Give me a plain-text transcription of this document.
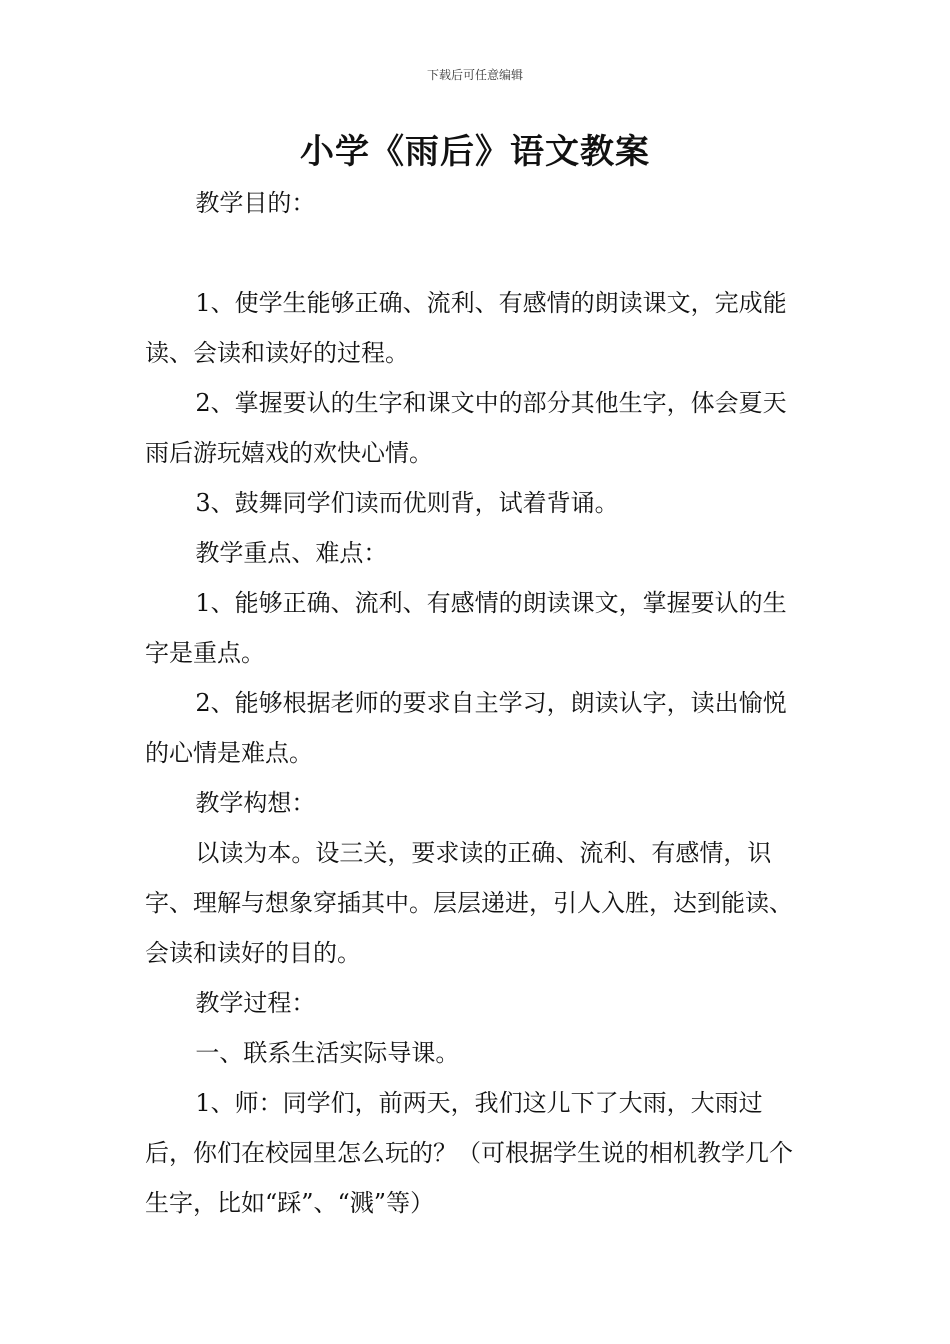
下载后可任意编辑
小学《雨后》语文教案

教学目的：

1、使学生能够正确、流利、有感情的朗读课文，完成能读、会读和读好的过程。

2、掌握要认的生字和课文中的部分其他生字，体会夏天雨后游玩嬉戏的欢快心情。

3、鼓舞同学们读而优则背，试着背诵。

教学重点、难点：

1、能够正确、流利、有感情的朗读课文，掌握要认的生字是重点。

2、能够根据老师的要求自主学习，朗读认字，读出愉悦的心情是难点。

教学构想：

以读为本。设三关，要求读的正确、流利、有感情，识字、理解与想象穿插其中。层层递进，引人入胜，达到能读、会读和读好的目的。

教学过程：

一、联系生活实际导课。

1、师：同学们，前两天，我们这儿下了大雨，大雨过后，你们在校园里怎么玩的？（可根据学生说的相机教学几个生字，比如“踩”、“溅”等）
